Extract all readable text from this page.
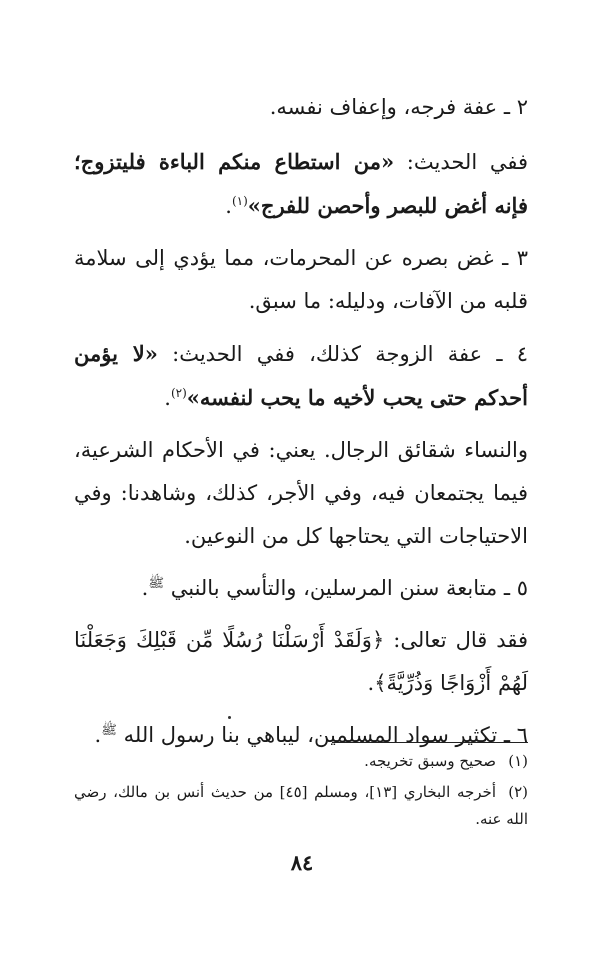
٢ ـ عفة فرجه، وإعفاف نفسه.

ففي الحديث: «من استطاع منكم الباءة فليتزوج؛ فإنه أغض للبصر وأحصن للفرج»$^{(١)}$.

٣ ـ غض بصره عن المحرمات، مما يؤدي إلى سلامة قلبه من الآفات، ودليله: ما سبق.

٤ ـ عفة الزوجة كذلك، ففي الحديث: «لا يؤمن أحدكم حتى يحب لأخيه ما يحب لنفسه»$^{(٢)}$.

والنساء شقائق الرجال. يعني: في الأحكام الشرعية، فيما يجتمعان فيه، وفي الأجر، كذلك، وشاهدنا: وفي الاحتياجات التي يحتاجها كل من النوعين.

٥ ـ متابعة سنن المرسلين، والتأسي بالنبي $^ﷺ$.

فقد قال تعالى: ﴿وَلَقَدْ أَرْسَلْنَا رُسُلًا مِّن قَبْلِكَ وَجَعَلْنَا لَهُمْ أَزْوَاجًا وَذُرِّيَّةً﴾.

٦ ـ تكثير سواد المسلمين، ليباهي بنا رسول الله $^ﷺ$.

(١)صحيح وسبق تخريجه.

(٢)أخرجه البخاري [١٣]، ومسلم [٤٥] من حديث أنس بن مالك، رضي الله عنه.

٨٤
